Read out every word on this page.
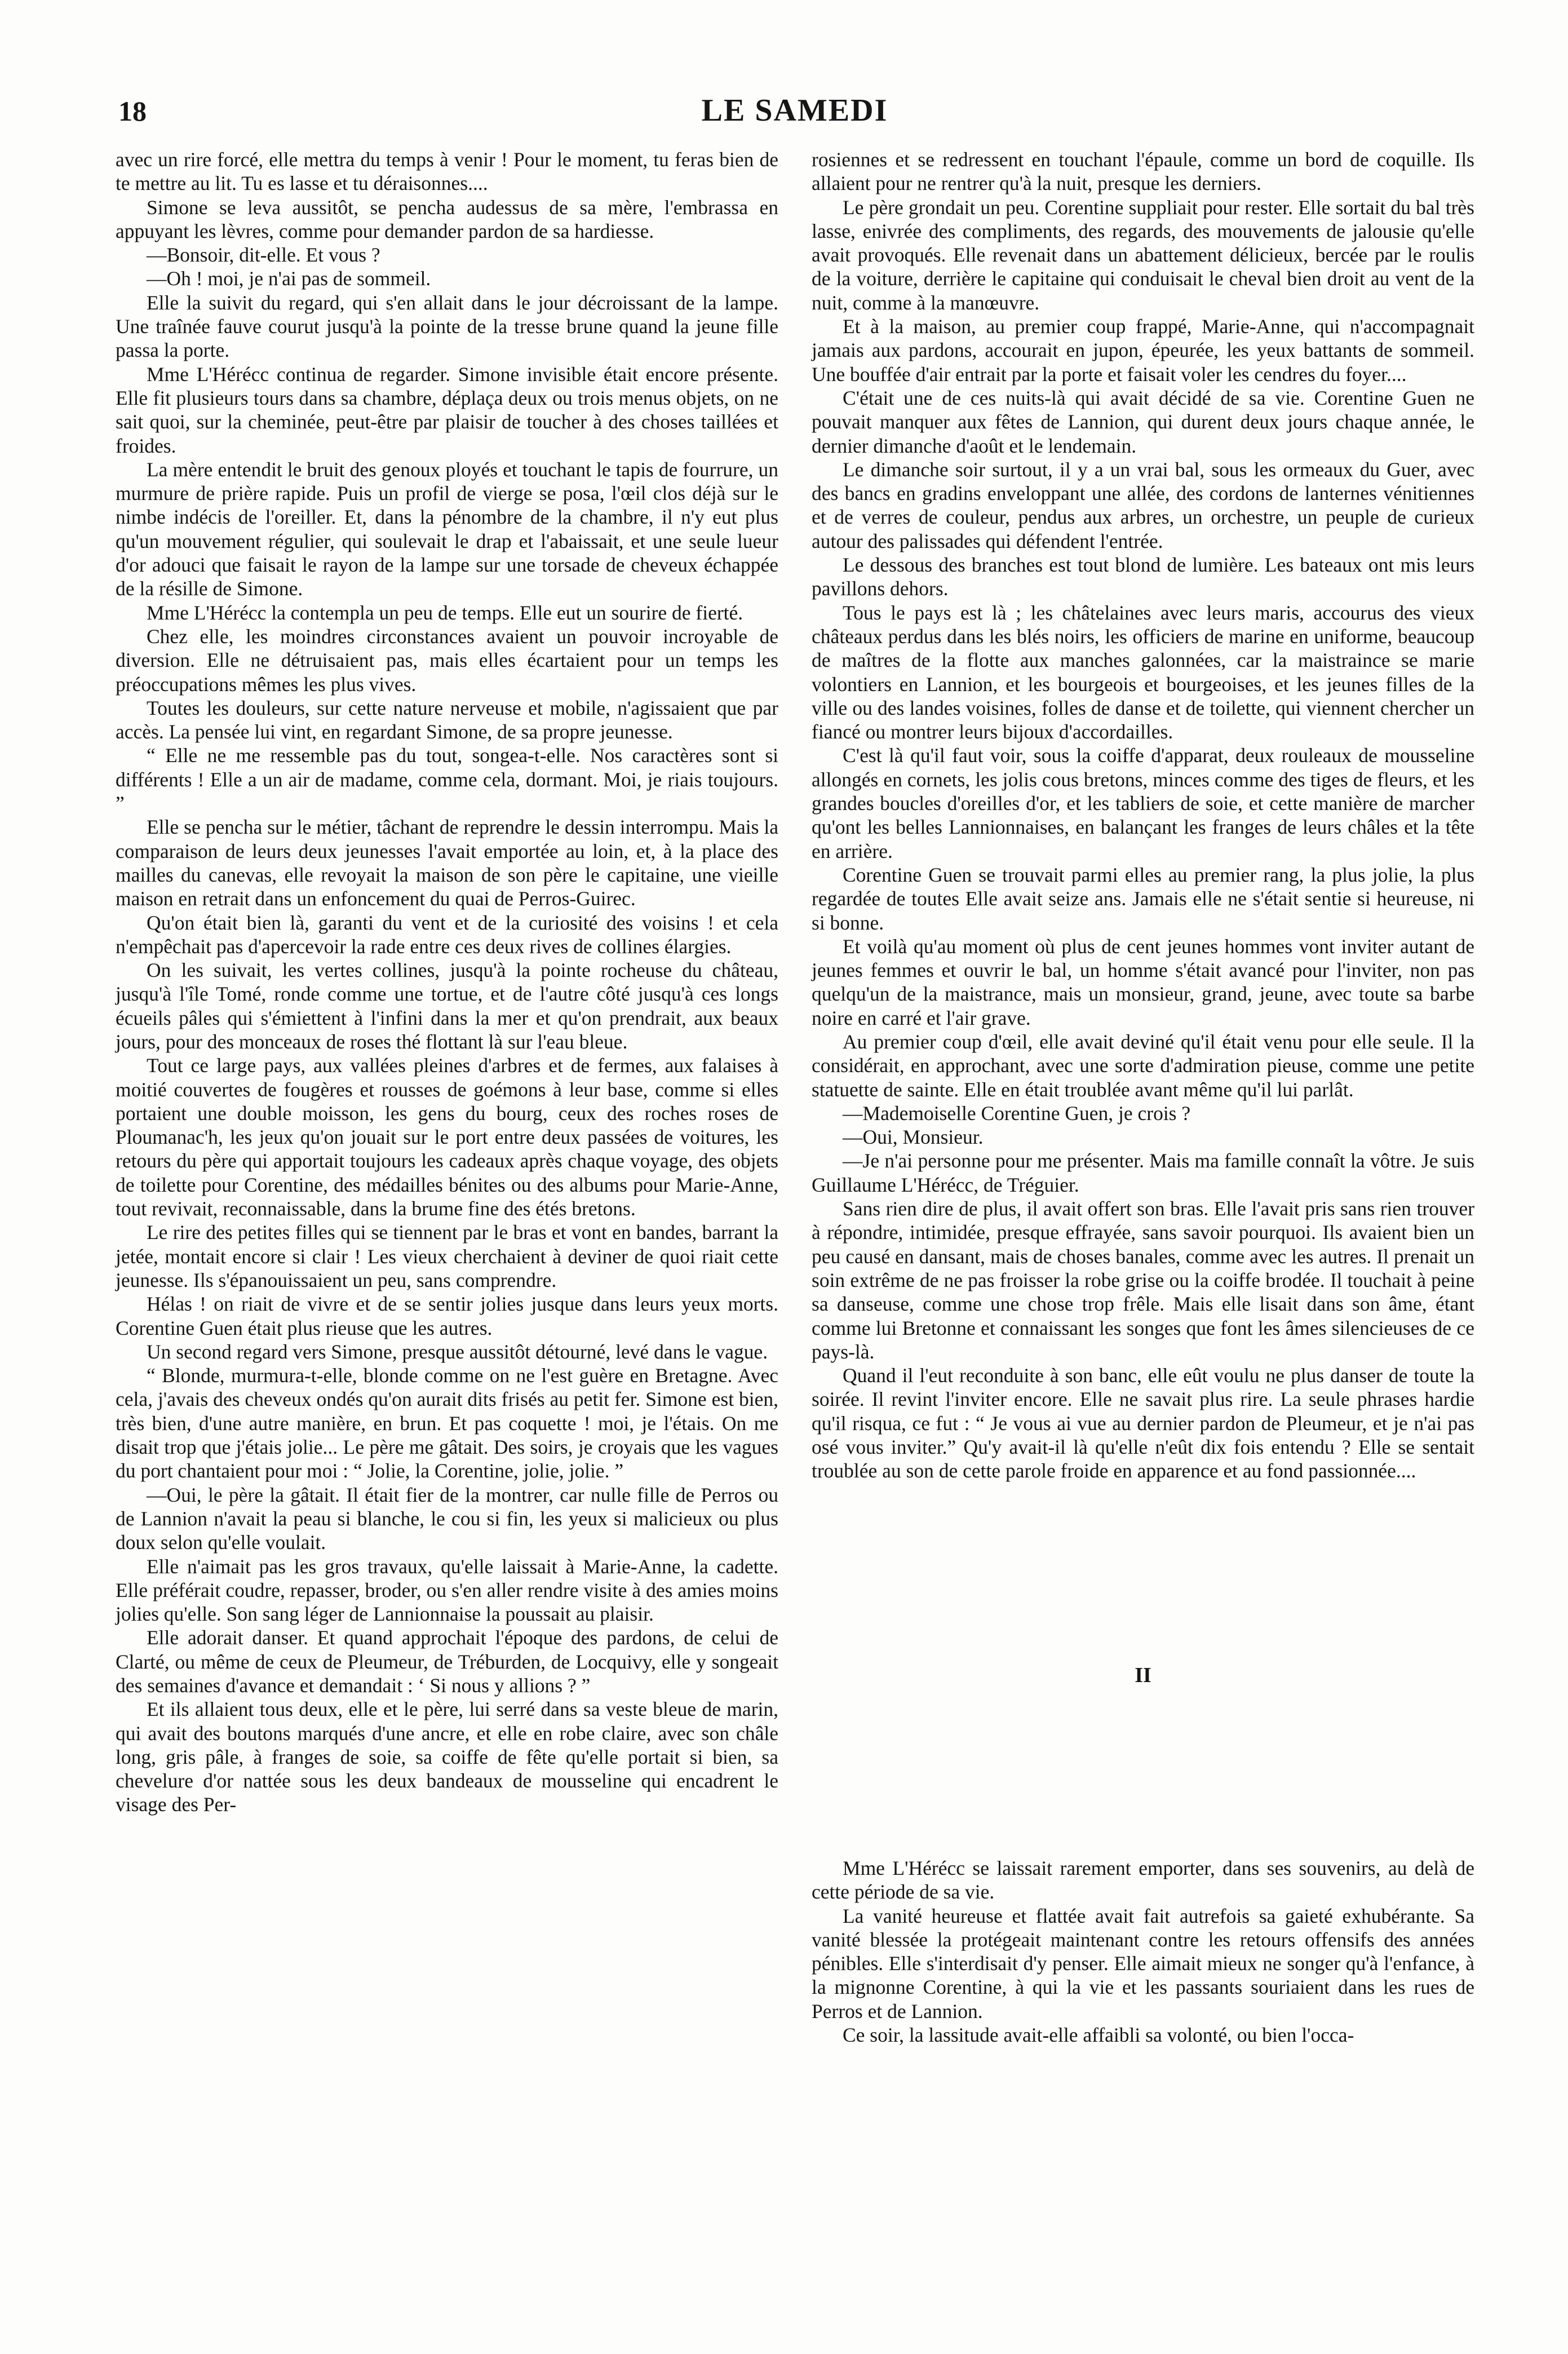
18	LE SAMEDI

avec un rire forcé, elle mettra du temps à venir ! Pour le moment, tu feras bien de te mettre au lit. Tu es lasse et tu déraisonnes....

Simone se leva aussitôt, se pencha audessus de sa mère, l'embrassa en appuyant les lèvres, comme pour demander pardon de sa hardiesse.

—Bonsoir, dit-elle. Et vous ?

—Oh ! moi, je n'ai pas de sommeil.

Elle la suivit du regard, qui s'en allait dans le jour décroissant de la lampe. Une traînée fauve courut jusqu'à la pointe de la tresse brune quand la jeune fille passa la porte.

Mme L'Hérécc continua de regarder. Simone invisible était encore présente. Elle fit plusieurs tours dans sa chambre, déplaça deux ou trois menus objets, on ne sait quoi, sur la cheminée, peut-être par plaisir de toucher à des choses taillées et froides.

La mère entendit le bruit des genoux ployés et touchant le tapis de fourrure, un murmure de prière rapide. Puis un profil de vierge se posa, l'œil clos déjà sur le nimbe indécis de l'oreiller. Et, dans la pénombre de la chambre, il n'y eut plus qu'un mouvement régulier, qui soulevait le drap et l'abaissait, et une seule lueur d'or adouci que faisait le rayon de la lampe sur une torsade de cheveux échappée de la résille de Simone.

Mme L'Hérécc la contempla un peu de temps. Elle eut un sourire de fierté.

Chez elle, les moindres circonstances avaient un pouvoir incroyable de diversion. Elle ne détruisaient pas, mais elles écartaient pour un temps les préoccupations mêmes les plus vives.

Toutes les douleurs, sur cette nature nerveuse et mobile, n'agissaient que par accès. La pensée lui vint, en regardant Simone, de sa propre jeunesse.

“ Elle ne me ressemble pas du tout, songea-t-elle. Nos caractères sont si différents ! Elle a un air de madame, comme cela, dormant. Moi, je riais toujours. ”

Elle se pencha sur le métier, tâchant de reprendre le dessin interrompu. Mais la comparaison de leurs deux jeunesses l'avait emportée au loin, et, à la place des mailles du canevas, elle revoyait la maison de son père le capitaine, une vieille maison en retrait dans un enfoncement du quai de Perros-Guirec.

Qu'on était bien là, garanti du vent et de la curiosité des voisins ! et cela n'empêchait pas d'apercevoir la rade entre ces deux rives de collines élargies.

On les suivait, les vertes collines, jusqu'à la pointe rocheuse du château, jusqu'à l'île Tomé, ronde comme une tortue, et de l'autre côté jusqu'à ces longs écueils pâles qui s'émiettent à l'infini dans la mer et qu'on prendrait, aux beaux jours, pour des monceaux de roses thé flottant là sur l'eau bleue.

Tout ce large pays, aux vallées pleines d'arbres et de fermes, aux falaises à moitié couvertes de fougères et rousses de goémons à leur base, comme si elles portaient une double moisson, les gens du bourg, ceux des roches roses de Ploumanac'h, les jeux qu'on jouait sur le port entre deux passées de voitures, les retours du père qui apportait toujours les cadeaux après chaque voyage, des objets de toilette pour Corentine, des médailles bénites ou des albums pour Marie-Anne, tout revivait, reconnaissable, dans la brume fine des étés bretons.

Le rire des petites filles qui se tiennent par le bras et vont en bandes, barrant la jetée, montait encore si clair ! Les vieux cherchaient à deviner de quoi riait cette jeunesse. Ils s'épanouissaient un peu, sans comprendre.

Hélas ! on riait de vivre et de se sentir jolies jusque dans leurs yeux morts. Corentine Guen était plus rieuse que les autres.

Un second regard vers Simone, presque aussitôt détourné, levé dans le vague.

“ Blonde, murmura-t-elle, blonde comme on ne l'est guère en Bretagne. Avec cela, j'avais des cheveux ondés qu'on aurait dits frisés au petit fer. Simone est bien, très bien, d'une autre manière, en brun. Et pas coquette ! moi, je l'étais. On me disait trop que j'étais jolie... Le père me gâtait. Des soirs, je croyais que les vagues du port chantaient pour moi : “ Jolie, la Corentine, jolie, jolie. ”

—Oui, le père la gâtait. Il était fier de la montrer, car nulle fille de Perros ou de Lannion n'avait la peau si blanche, le cou si fin, les yeux si malicieux ou plus doux selon qu'elle voulait.

Elle n'aimait pas les gros travaux, qu'elle laissait à Marie-Anne, la cadette. Elle préférait coudre, repasser, broder, ou s'en aller rendre visite à des amies moins jolies qu'elle. Son sang léger de Lannionnaise la poussait au plaisir.

Elle adorait danser. Et quand approchait l'époque des pardons, de celui de Clarté, ou même de ceux de Pleumeur, de Tréburden, de Locquivy, elle y songeait des semaines d'avance et demandait : ‘ Si nous y allions ? ”

Et ils allaient tous deux, elle et le père, lui serré dans sa veste bleue de marin, qui avait des boutons marqués d'une ancre, et elle en robe claire, avec son châle long, gris pâle, à franges de soie, sa coiffe de fête qu'elle portait si bien, sa chevelure d'or nattée sous les deux bandeaux de mousseline qui encadrent le visage des Per-

rosiennes et se redressent en touchant l'épaule, comme un bord de coquille. Ils allaient pour ne rentrer qu'à la nuit, presque les derniers.

Le père grondait un peu. Corentine suppliait pour rester. Elle sortait du bal très lasse, enivrée des compliments, des regards, des mouvements de jalousie qu'elle avait provoqués. Elle revenait dans un abattement délicieux, bercée par le roulis de la voiture, derrière le capitaine qui conduisait le cheval bien droit au vent de la nuit, comme à la manœuvre.

Et à la maison, au premier coup frappé, Marie-Anne, qui n'accompagnait jamais aux pardons, accourait en jupon, épeurée, les yeux battants de sommeil. Une bouffée d'air entrait par la porte et faisait voler les cendres du foyer....

C'était une de ces nuits-là qui avait décidé de sa vie. Corentine Guen ne pouvait manquer aux fêtes de Lannion, qui durent deux jours chaque année, le dernier dimanche d'août et le lendemain.

Le dimanche soir surtout, il y a un vrai bal, sous les ormeaux du Guer, avec des bancs en gradins enveloppant une allée, des cordons de lanternes vénitiennes et de verres de couleur, pendus aux arbres, un orchestre, un peuple de curieux autour des palissades qui défendent l'entrée.

Le dessous des branches est tout blond de lumière. Les bateaux ont mis leurs pavillons dehors.

Tous le pays est là ; les châtelaines avec leurs maris, accourus des vieux châteaux perdus dans les blés noirs, les officiers de marine en uniforme, beaucoup de maîtres de la flotte aux manches galonnées, car la maistraince se marie volontiers en Lannion, et les bourgeois et bourgeoises, et les jeunes filles de la ville ou des landes voisines, folles de danse et de toilette, qui viennent chercher un fiancé ou montrer leurs bijoux d'accordailles.

C'est là qu'il faut voir, sous la coiffe d'apparat, deux rouleaux de mousseline allongés en cornets, les jolis cous bretons, minces comme des tiges de fleurs, et les grandes boucles d'oreilles d'or, et les tabliers de soie, et cette manière de marcher qu'ont les belles Lannionnaises, en balançant les franges de leurs châles et la tête en arrière.

Corentine Guen se trouvait parmi elles au premier rang, la plus jolie, la plus regardée de toutes Elle avait seize ans. Jamais elle ne s'était sentie si heureuse, ni si bonne.

Et voilà qu'au moment où plus de cent jeunes hommes vont inviter autant de jeunes femmes et ouvrir le bal, un homme s'était avancé pour l'inviter, non pas quelqu'un de la maistrance, mais un monsieur, grand, jeune, avec toute sa barbe noire en carré et l'air grave.

Au premier coup d'œil, elle avait deviné qu'il était venu pour elle seule. Il la considérait, en approchant, avec une sorte d'admiration pieuse, comme une petite statuette de sainte. Elle en était troublée avant même qu'il lui parlât.

—Mademoiselle Corentine Guen, je crois ?

—Oui, Monsieur.

—Je n'ai personne pour me présenter. Mais ma famille connaît la vôtre. Je suis Guillaume L'Hérécc, de Tréguier.

Sans rien dire de plus, il avait offert son bras. Elle l'avait pris sans rien trouver à répondre, intimidée, presque effrayée, sans savoir pourquoi. Ils avaient bien un peu causé en dansant, mais de choses banales, comme avec les autres. Il prenait un soin extrême de ne pas froisser la robe grise ou la coiffe brodée. Il touchait à peine sa danseuse, comme une chose trop frêle. Mais elle lisait dans son âme, étant comme lui Bretonne et connaissant les songes que font les âmes silencieuses de ce pays-là.

Quand il l'eut reconduite à son banc, elle eût voulu ne plus danser de toute la soirée. Il revint l'inviter encore. Elle ne savait plus rire. La seule phrases hardie qu'il risqua, ce fut : “ Je vous ai vue au dernier pardon de Pleumeur, et je n'ai pas osé vous inviter.” Qu'y avait-il là qu'elle n'eût dix fois entendu ? Elle se sentait troublée au son de cette parole froide en apparence et au fond passionnée....

II

Mme L'Hérécc se laissait rarement emporter, dans ses souvenirs, au delà de cette période de sa vie.

La vanité heureuse et flattée avait fait autrefois sa gaieté exhubérante. Sa vanité blessée la protégeait maintenant contre les retours offensifs des années pénibles. Elle s'interdisait d'y penser. Elle aimait mieux ne songer qu'à l'enfance, à la mignonne Corentine, à qui la vie et les passants souriaient dans les rues de Perros et de Lannion.

Ce soir, la lassitude avait-elle affaibli sa volonté, ou bien l'occa-
